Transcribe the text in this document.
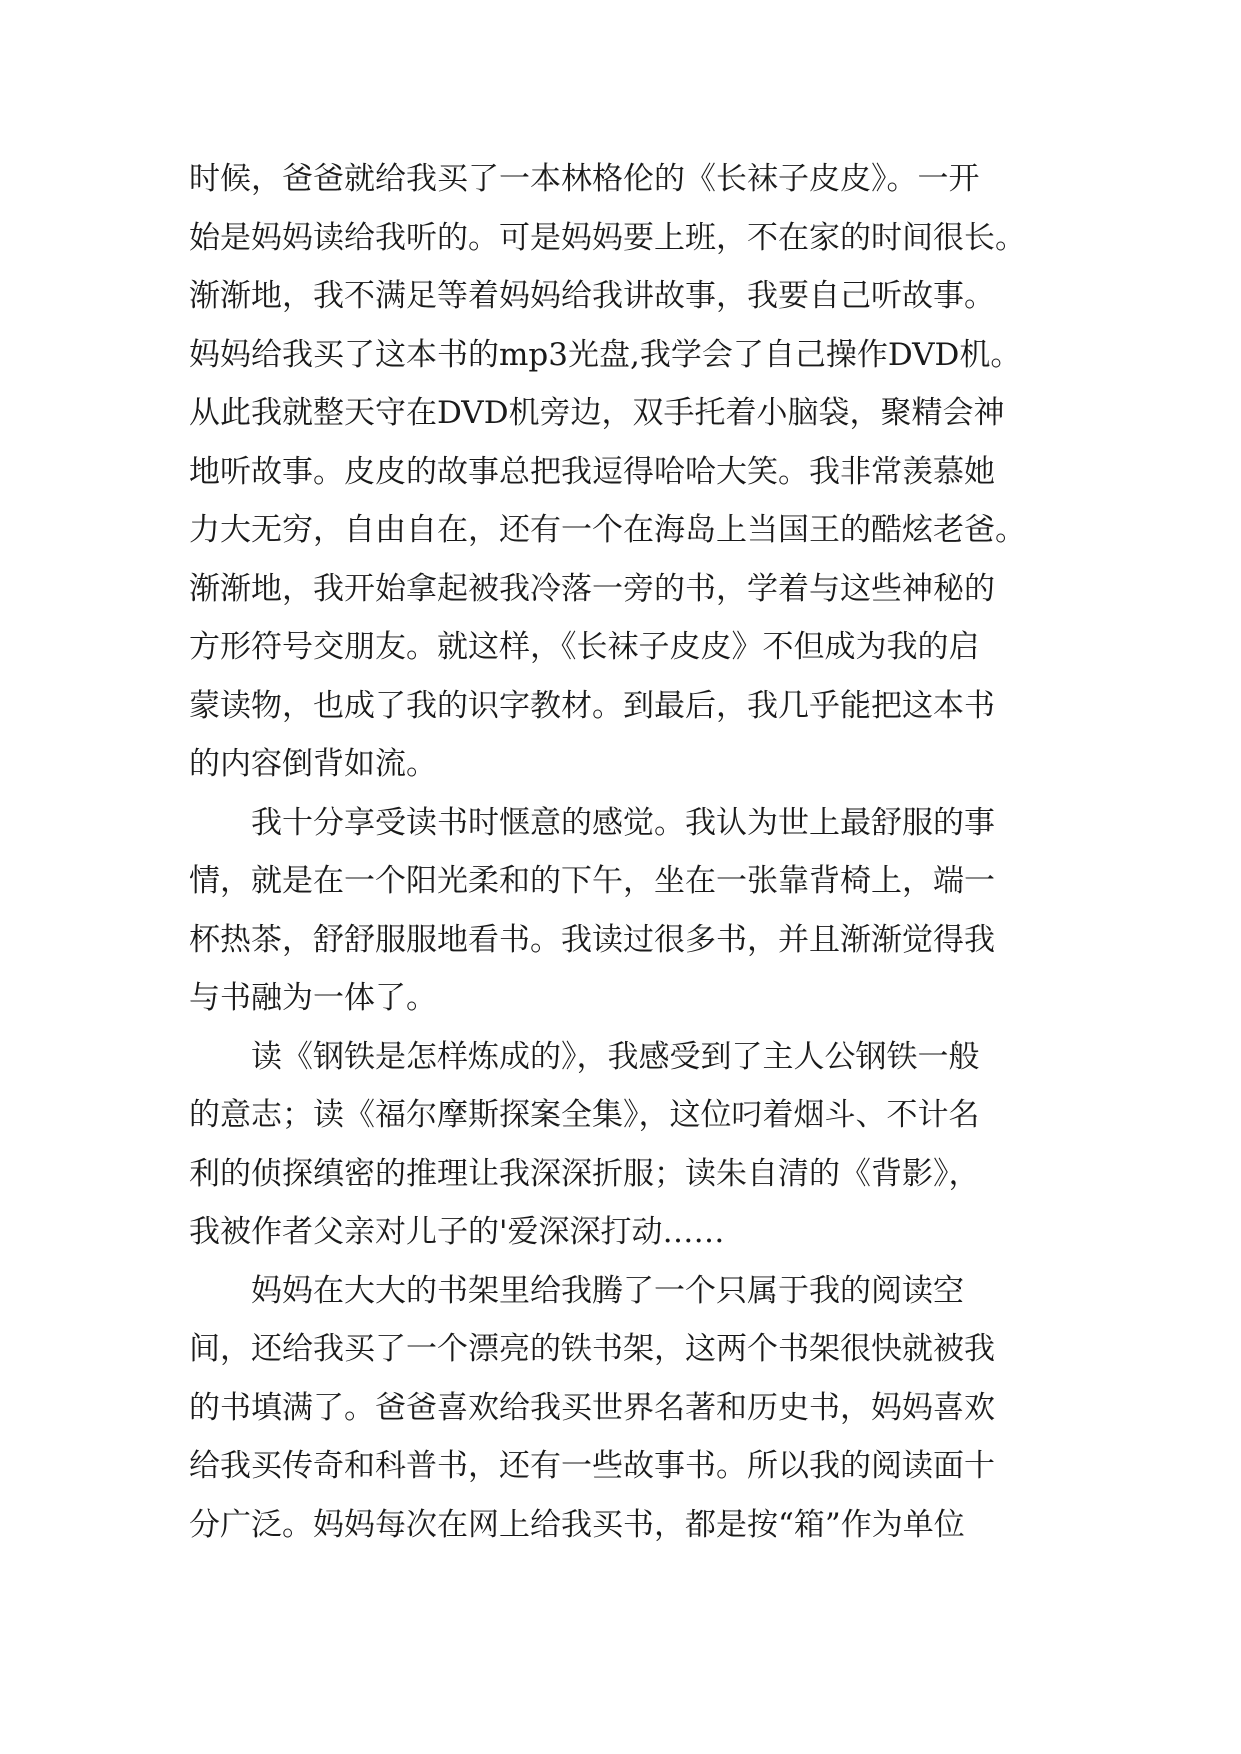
时候，爸爸就给我买了一本林格伦的《长袜子皮皮》。一开
始是妈妈读给我听的。可是妈妈要上班，不在家的时间很长。
渐渐地，我不满足等着妈妈给我讲故事，我要自己听故事。
妈妈给我买了这本书的mp3光盘,我学会了自己操作DVD机。
从此我就整天守在DVD机旁边，双手托着小脑袋，聚精会神
地听故事。皮皮的故事总把我逗得哈哈大笑。我非常羡慕她
力大无穷，自由自在，还有一个在海岛上当国王的酷炫老爸。
渐渐地，我开始拿起被我冷落一旁的书，学着与这些神秘的
方形符号交朋友。就这样，《长袜子皮皮》不但成为我的启
蒙读物，也成了我的识字教材。到最后，我几乎能把这本书
的内容倒背如流。
　　我十分享受读书时惬意的感觉。我认为世上最舒服的事
情，就是在一个阳光柔和的下午，坐在一张靠背椅上，端一
杯热茶，舒舒服服地看书。我读过很多书，并且渐渐觉得我
与书融为一体了。
　　读《钢铁是怎样炼成的》，我感受到了主人公钢铁一般
的意志；读《福尔摩斯探案全集》，这位叼着烟斗、不计名
利的侦探缜密的推理让我深深折服；读朱自清的《背影》，
我被作者父亲对儿子的'爱深深打动……
　　妈妈在大大的书架里给我腾了一个只属于我的阅读空
间，还给我买了一个漂亮的铁书架，这两个书架很快就被我
的书填满了。爸爸喜欢给我买世界名著和历史书，妈妈喜欢
给我买传奇和科普书，还有一些故事书。所以我的阅读面十
分广泛。妈妈每次在网上给我买书，都是按“箱”作为单位
